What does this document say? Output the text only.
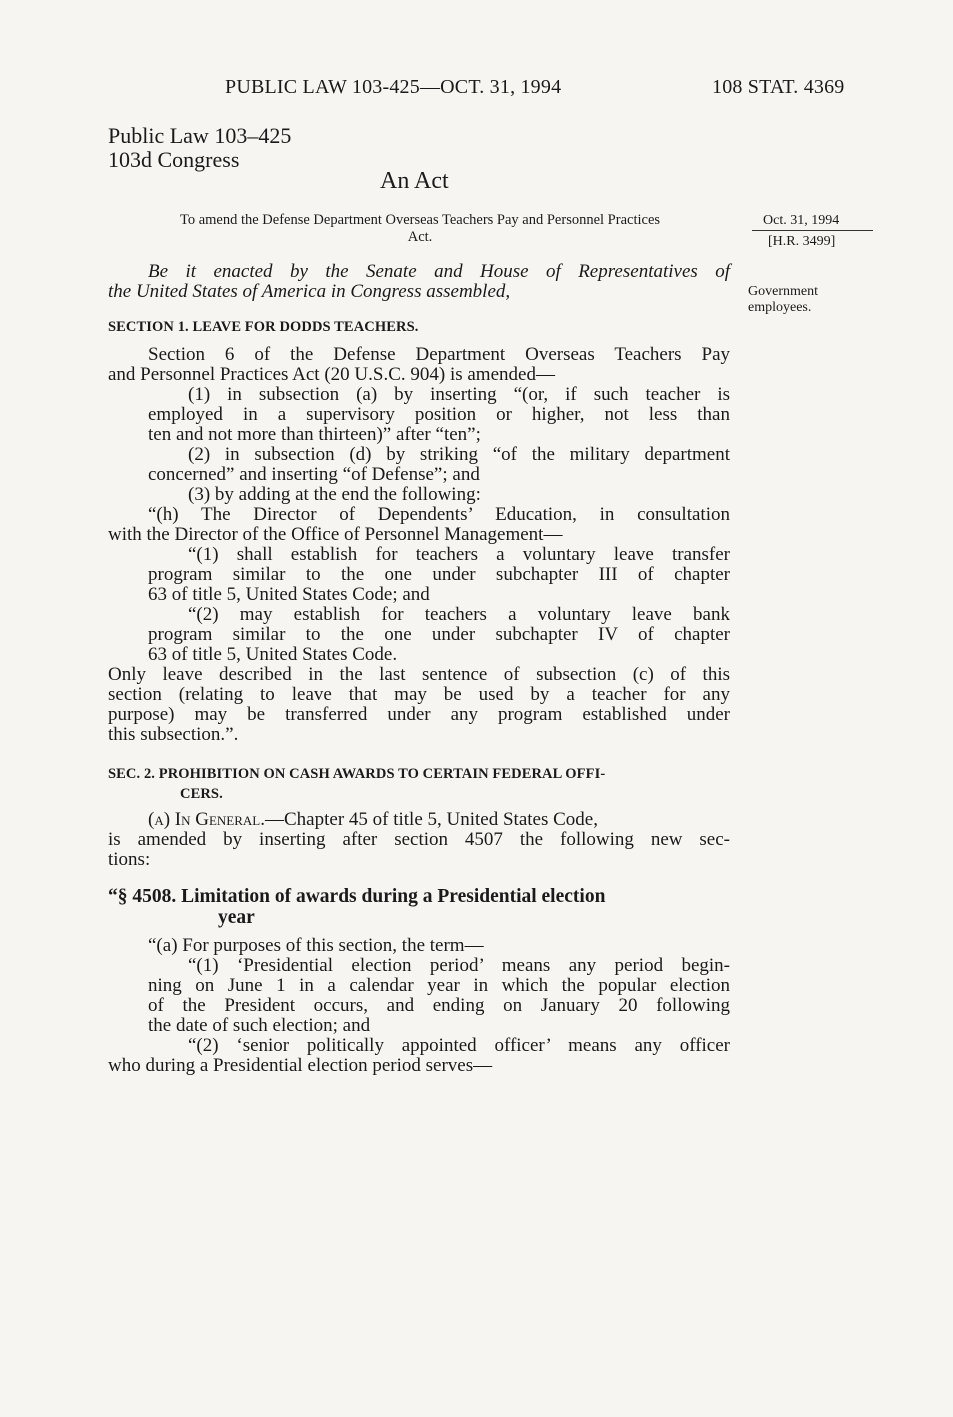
PUBLIC LAW 103-425—OCT. 31, 1994	108 STAT. 4369
Public Law 103–425
103d Congress
An Act
To amend the Defense Department Overseas Teachers Pay and Personnel Practices
Act.
Oct. 31, 1994
[H.R. 3499]
Government
employees.
Be it enacted by the Senate and House of Representatives of
the United States of America in Congress assembled,
SECTION 1. LEAVE FOR DODDS TEACHERS.
Section 6 of the Defense Department Overseas Teachers Pay
and Personnel Practices Act (20 U.S.C. 904) is amended—
(1) in subsection (a) by inserting “(or, if such teacher is
employed in a supervisory position or higher, not less than
ten and not more than thirteen)” after “ten”;
(2) in subsection (d) by striking “of the military department
concerned” and inserting “of Defense”; and
(3) by adding at the end the following:
“(h) The Director of Dependents’ Education, in consultation
with the Director of the Office of Personnel Management—
“(1) shall establish for teachers a voluntary leave transfer
program similar to the one under subchapter III of chapter
63 of title 5, United States Code; and
“(2) may establish for teachers a voluntary leave bank
program similar to the one under subchapter IV of chapter
63 of title 5, United States Code.
Only leave described in the last sentence of subsection (c) of this
section (relating to leave that may be used by a teacher for any
purpose) may be transferred under any program established under
this subsection.”.
SEC. 2. PROHIBITION ON CASH AWARDS TO CERTAIN FEDERAL OFFI-
CERS.
(a) In General.—Chapter 45 of title 5, United States Code,
is amended by inserting after section 4507 the following new sec-
tions:
“§ 4508. Limitation of awards during a Presidential election
year
“(a) For purposes of this section, the term—
“(1) ‘Presidential election period’ means any period begin-
ning on June 1 in a calendar year in which the popular election
of the President occurs, and ending on January 20 following
the date of such election; and
“(2) ‘senior politically appointed officer’ means any officer
who during a Presidential election period serves—
